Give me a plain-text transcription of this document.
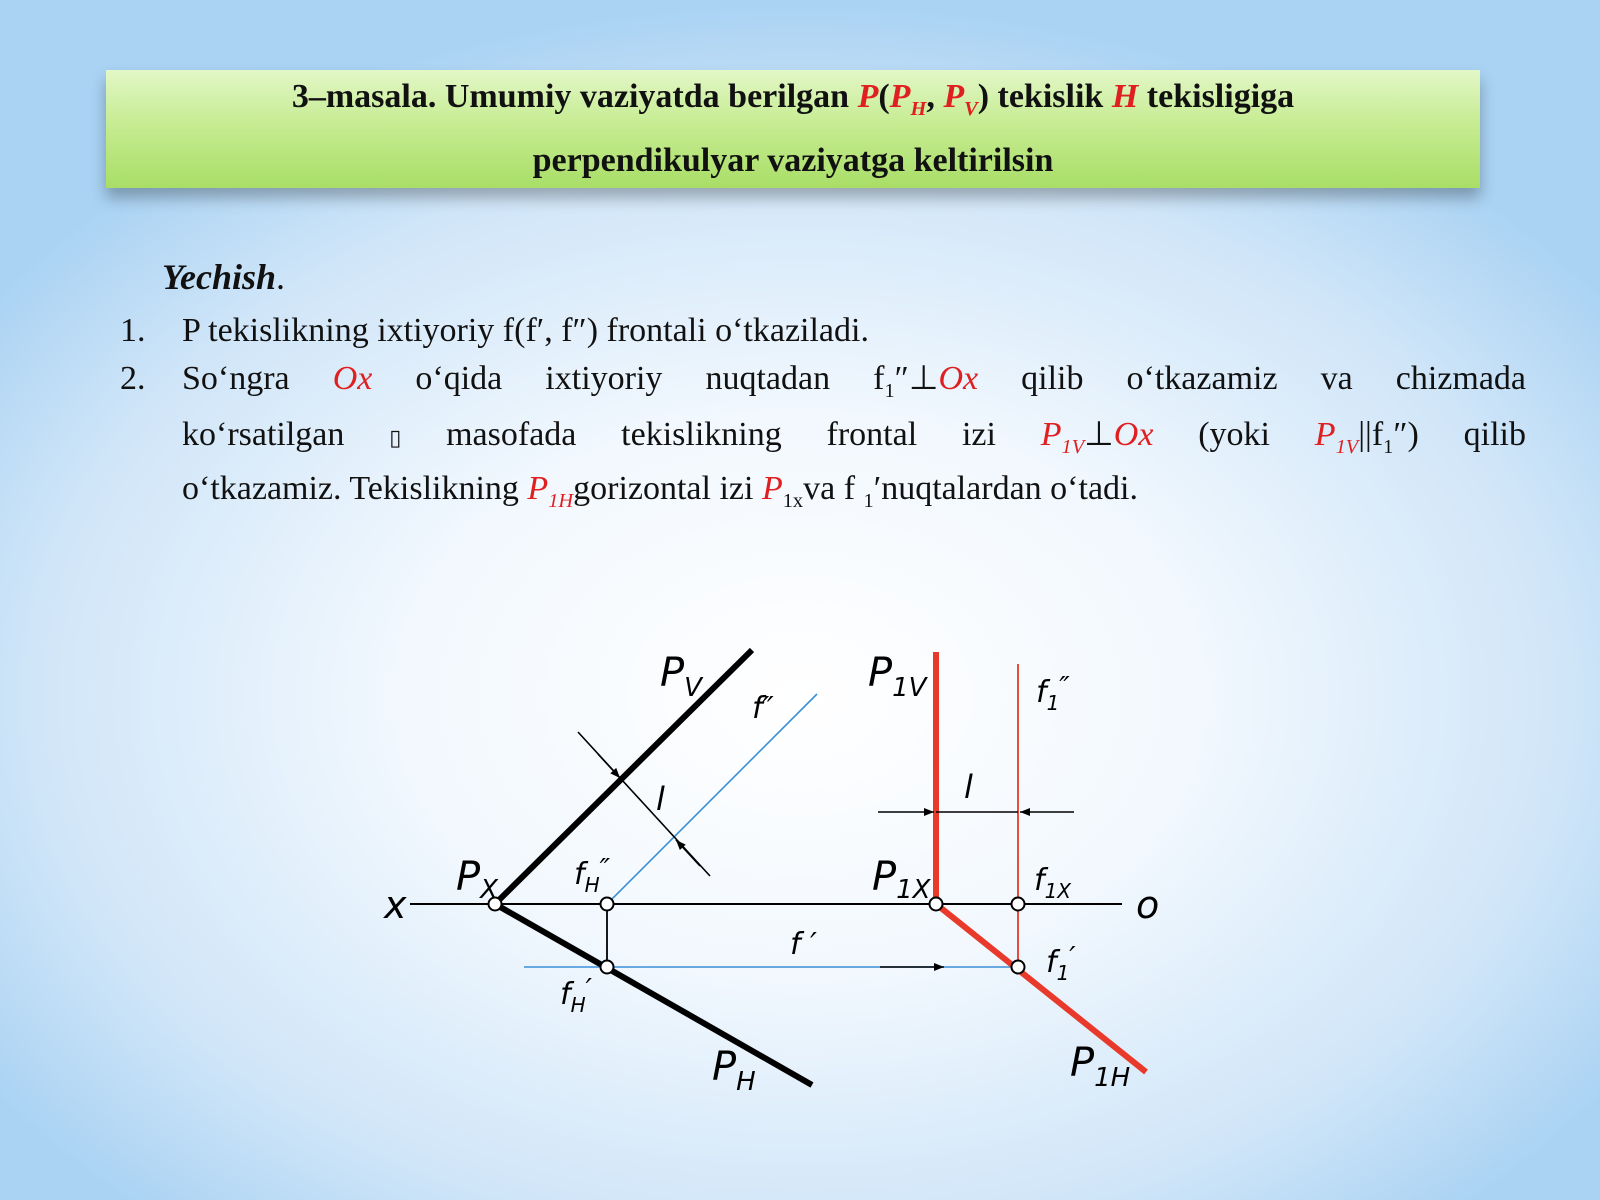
3–masala. Umumiy vaziyatda berilgan $P(P_H$, $P_V$) tekislik H tekisligiga
perpendikulyar vaziyatga keltirilsin
Yechish.
1. P tekislikning ixtiyoriy f(f′, f″) frontali o‘tkaziladi.
2. So‘ngra Ox o‘qida ixtiyoriy nuqtadan $f_1''\perp Ox$ qilib o‘tkazamiz va chizmada
ko‘rsatilgan ▯ masofada tekislikning frontal izi $P_{1V}\perp Ox$ (yoki $P_{1V}||f_1''$) qilib
o‘tkazamiz. Tekislikning $P_{1H}gorizontal$ izi $P_{1x}va$ f $_1$′nuqtalardan o‘tadi.
x	o
$P_V$
$P_H$
$P_X$
f″
$f_H''$
$f_H'$
f ′
l	l
$P_{1V}$
$P_{1X}$
$P_{1H}$
$f_1''$
$f_{1X}$
$f_1'$
